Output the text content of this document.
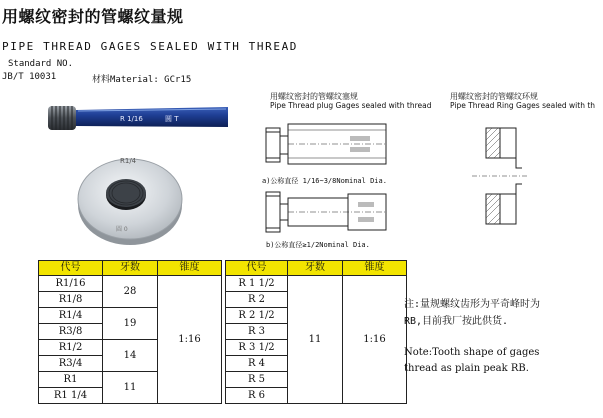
用螺纹密封的管螺纹量规
PIPE THREAD GAGES SEALED WITH THREAD
Standard NO.
JB/T 10031	材料Material: GCr15
R 1/16	圆 T
R1/4
圆 0
用螺纹密封的管螺纹塞规
Pipe Thread plug Gages sealed with thread
a)公称直径 1/16~3/8Nominal Dia.
b)公称直径≥1/2Nominal Dia.
用螺纹密封的管螺纹环规
Pipe Thread Ring Gages sealed with th
代号	牙数	锥度
R1/16	28	1:16
R1/8		
R1/4	19	
R3/8		
R1/2	14	
R3/4		
R1	11	
R1 1/4		
代号	牙数	锥度
R 1 1/2	11	1:16
R 2		
R 2 1/2		
R 3		
R 3 1/2		
R 4		
R 5		
R 6		
注:量规螺纹齿形为平奇峰时为
RB,目前我厂按此供货.
Note:Tooth shape of gages
thread as plain peak RB.
